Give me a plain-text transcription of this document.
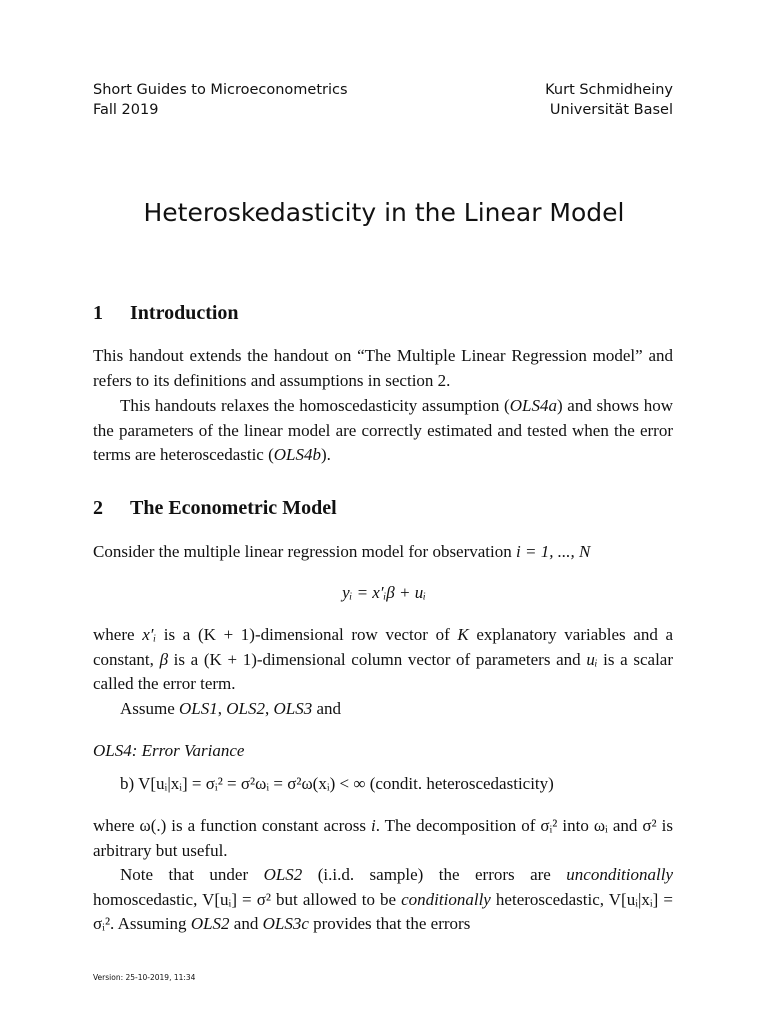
Short Guides to Microeconometrics
Fall 2019
Kurt Schmidheiny
Universität Basel
Heteroskedasticity in the Linear Model
1 Introduction
This handout extends the handout on “The Multiple Linear Regression model” and refers to its definitions and assumptions in section 2.
This handouts relaxes the homoscedasticity assumption (OLS4a) and shows how the parameters of the linear model are correctly estimated and tested when the error terms are heteroscedastic (OLS4b).
2 The Econometric Model
Consider the multiple linear regression model for observation i = 1, ..., N
yᵢ = x′ᵢβ + uᵢ
where x′ᵢ is a (K + 1)-dimensional row vector of K explanatory variables and a constant, β is a (K + 1)-dimensional column vector of parameters and uᵢ is a scalar called the error term.
Assume OLS1, OLS2, OLS3 and
OLS4: Error Variance
b) V[uᵢ|xᵢ] = σᵢ² = σ²ωᵢ = σ²ω(xᵢ) < ∞ (condit. heteroscedasticity)
where ω(.) is a function constant across i. The decomposition of σᵢ² into ωᵢ and σ² is arbitrary but useful.
Note that under OLS2 (i.i.d. sample) the errors are unconditionally homoscedastic, V[uᵢ] = σ² but allowed to be conditionally heteroscedastic, V[uᵢ|xᵢ] = σᵢ². Assuming OLS2 and OLS3c provides that the errors
Version: 25-10-2019, 11:34
